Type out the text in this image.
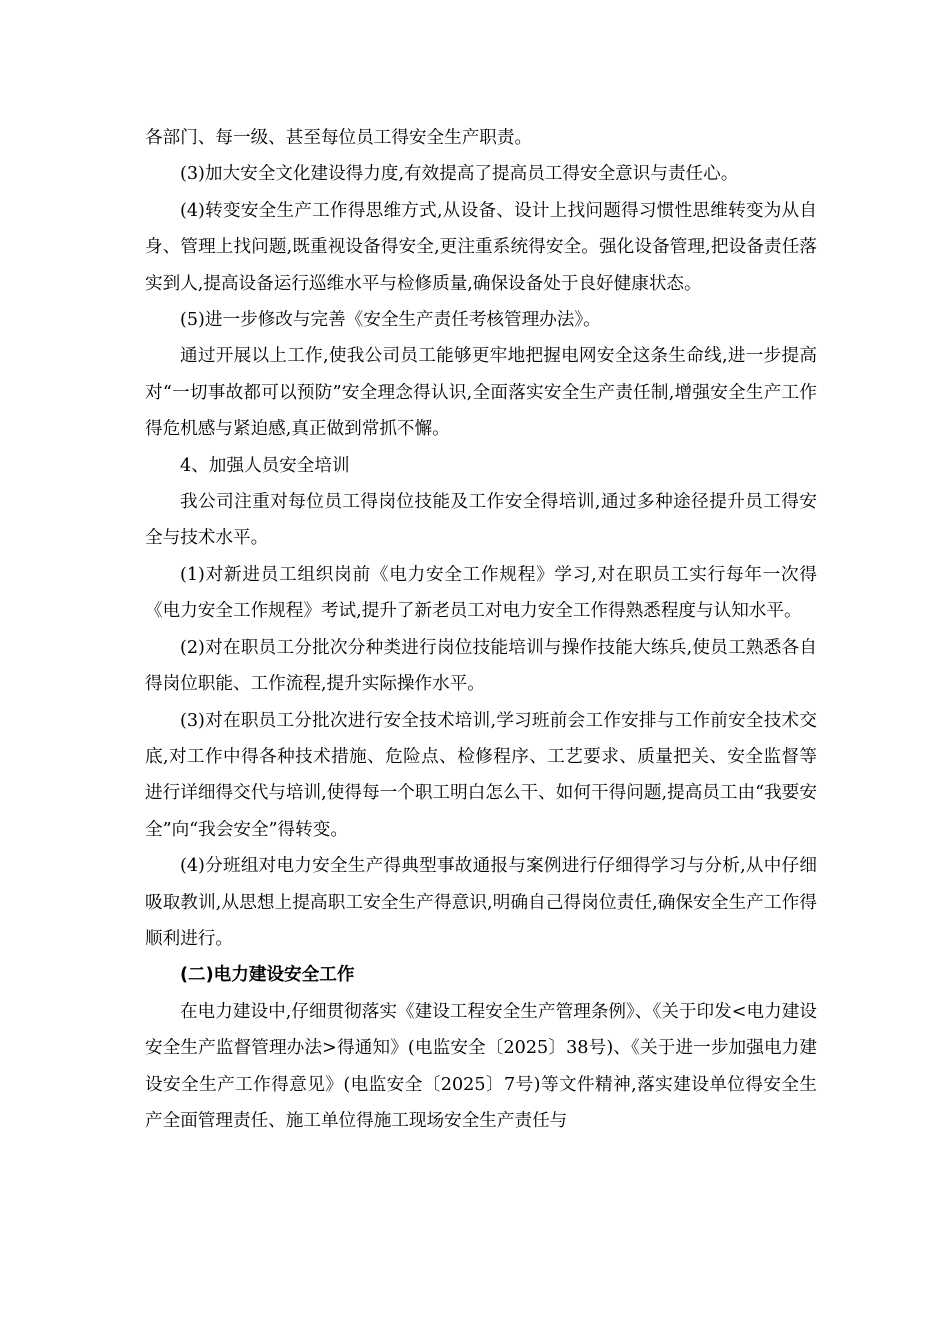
各部门、每一级、甚至每位员工得安全生产职责。

(3)加大安全文化建设得力度,有效提高了提高员工得安全意识与责任心。

(4)转变安全生产工作得思维方式,从设备、设计上找问题得习惯性思维转变为从自身、管理上找问题,既重视设备得安全,更注重系统得安全。强化设备管理,把设备责任落实到人,提高设备运行巡维水平与检修质量,确保设备处于良好健康状态。

(5)进一步修改与完善《安全生产责任考核管理办法》。

通过开展以上工作,使我公司员工能够更牢地把握电网安全这条生命线,进一步提高对“一切事故都可以预防”安全理念得认识,全面落实安全生产责任制,增强安全生产工作得危机感与紧迫感,真正做到常抓不懈。

4、加强人员安全培训

我公司注重对每位员工得岗位技能及工作安全得培训,通过多种途径提升员工得安全与技术水平。

(1)对新进员工组织岗前《电力安全工作规程》学习,对在职员工实行每年一次得《电力安全工作规程》考试,提升了新老员工对电力安全工作得熟悉程度与认知水平。

(2)对在职员工分批次分种类进行岗位技能培训与操作技能大练兵,使员工熟悉各自得岗位职能、工作流程,提升实际操作水平。

(3)对在职员工分批次进行安全技术培训,学习班前会工作安排与工作前安全技术交底,对工作中得各种技术措施、危险点、检修程序、工艺要求、质量把关、安全监督等进行详细得交代与培训,使得每一个职工明白怎么干、如何干得问题,提高员工由“我要安全”向“我会安全”得转变。

(4)分班组对电力安全生产得典型事故通报与案例进行仔细得学习与分析,从中仔细吸取教训,从思想上提高职工安全生产得意识,明确自己得岗位责任,确保安全生产工作得顺利进行。

(二)电力建设安全工作

在电力建设中,仔细贯彻落实《建设工程安全生产管理条例》、《关于印发<电力建设安全生产监督管理办法>得通知》(电监安全〔2025〕38号)、《关于进一步加强电力建设安全生产工作得意见》(电监安全〔2025〕7号)等文件精神,落实建设单位得安全生产全面管理责任、施工单位得施工现场安全生产责任与
